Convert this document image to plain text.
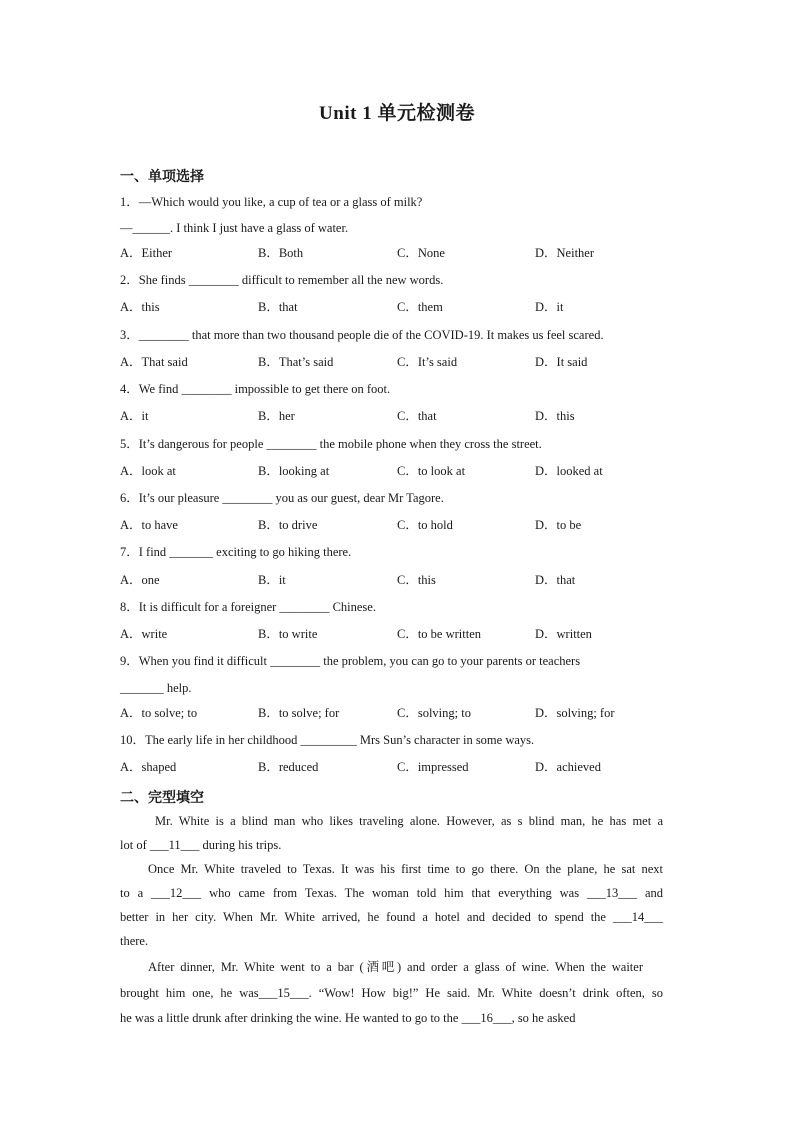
Unit 1 单元检测卷
一、单项选择
1．—Which would you like, a cup of tea or a glass of milk?
—______. I think I just have a glass of water.
A．Either	B．Both	C．None	D．Neither
2．She finds ________ difficult to remember all the new words.
A．this	B．that	C．them	D．it
3．________ that more than two thousand people die of the COVID-19. It makes us feel scared.
A．That said	B．That’s said	C．It’s said	D．It said
4．We find ________ impossible to get there on foot.
A．it	B．her	C．that	D．this
5．It’s dangerous for people ________ the mobile phone when they cross the street.
A．look at	B．looking at	C．to look at	D．looked at
6．It’s our pleasure ________ you as our guest, dear Mr Tagore.
A．to have	B．to drive	C．to hold	D．to be
7．I find _______ exciting to go hiking there.
A．one	B．it	C．this	D．that
8．It is difficult for a foreigner ________ Chinese.
A．write	B．to write	C．to be written	D．written
9．When you find it difficult ________ the problem, you can go to your parents or teachers
_______ help.
A．to solve; to	B．to solve; for	C．solving; to	D．solving; for
10．The early life in her childhood _________ Mrs Sun’s character in some ways.
A．shaped	B．reduced	C．impressed	D．achieved
二、完型填空
Mr. White is a blind man who likes traveling alone. However, as s blind man, he has met a
lot of ___11___ during his trips.
Once Mr. White traveled to Texas. It was his first time to go there. On the plane, he sat next
to a ___12___ who came from Texas. The woman told him that everything was ___13___ and
better in her city. When Mr. White arrived, he found a hotel and decided to spend the ___14___
there.
After dinner, Mr. White went to a bar (酒吧) and order a glass of wine. When the waiter
brought him one, he was___15___. “Wow! How big!” He said. Mr. White doesn’t drink often, so
he was a little drunk after drinking the wine. He wanted to go to the ___16___, so he asked
